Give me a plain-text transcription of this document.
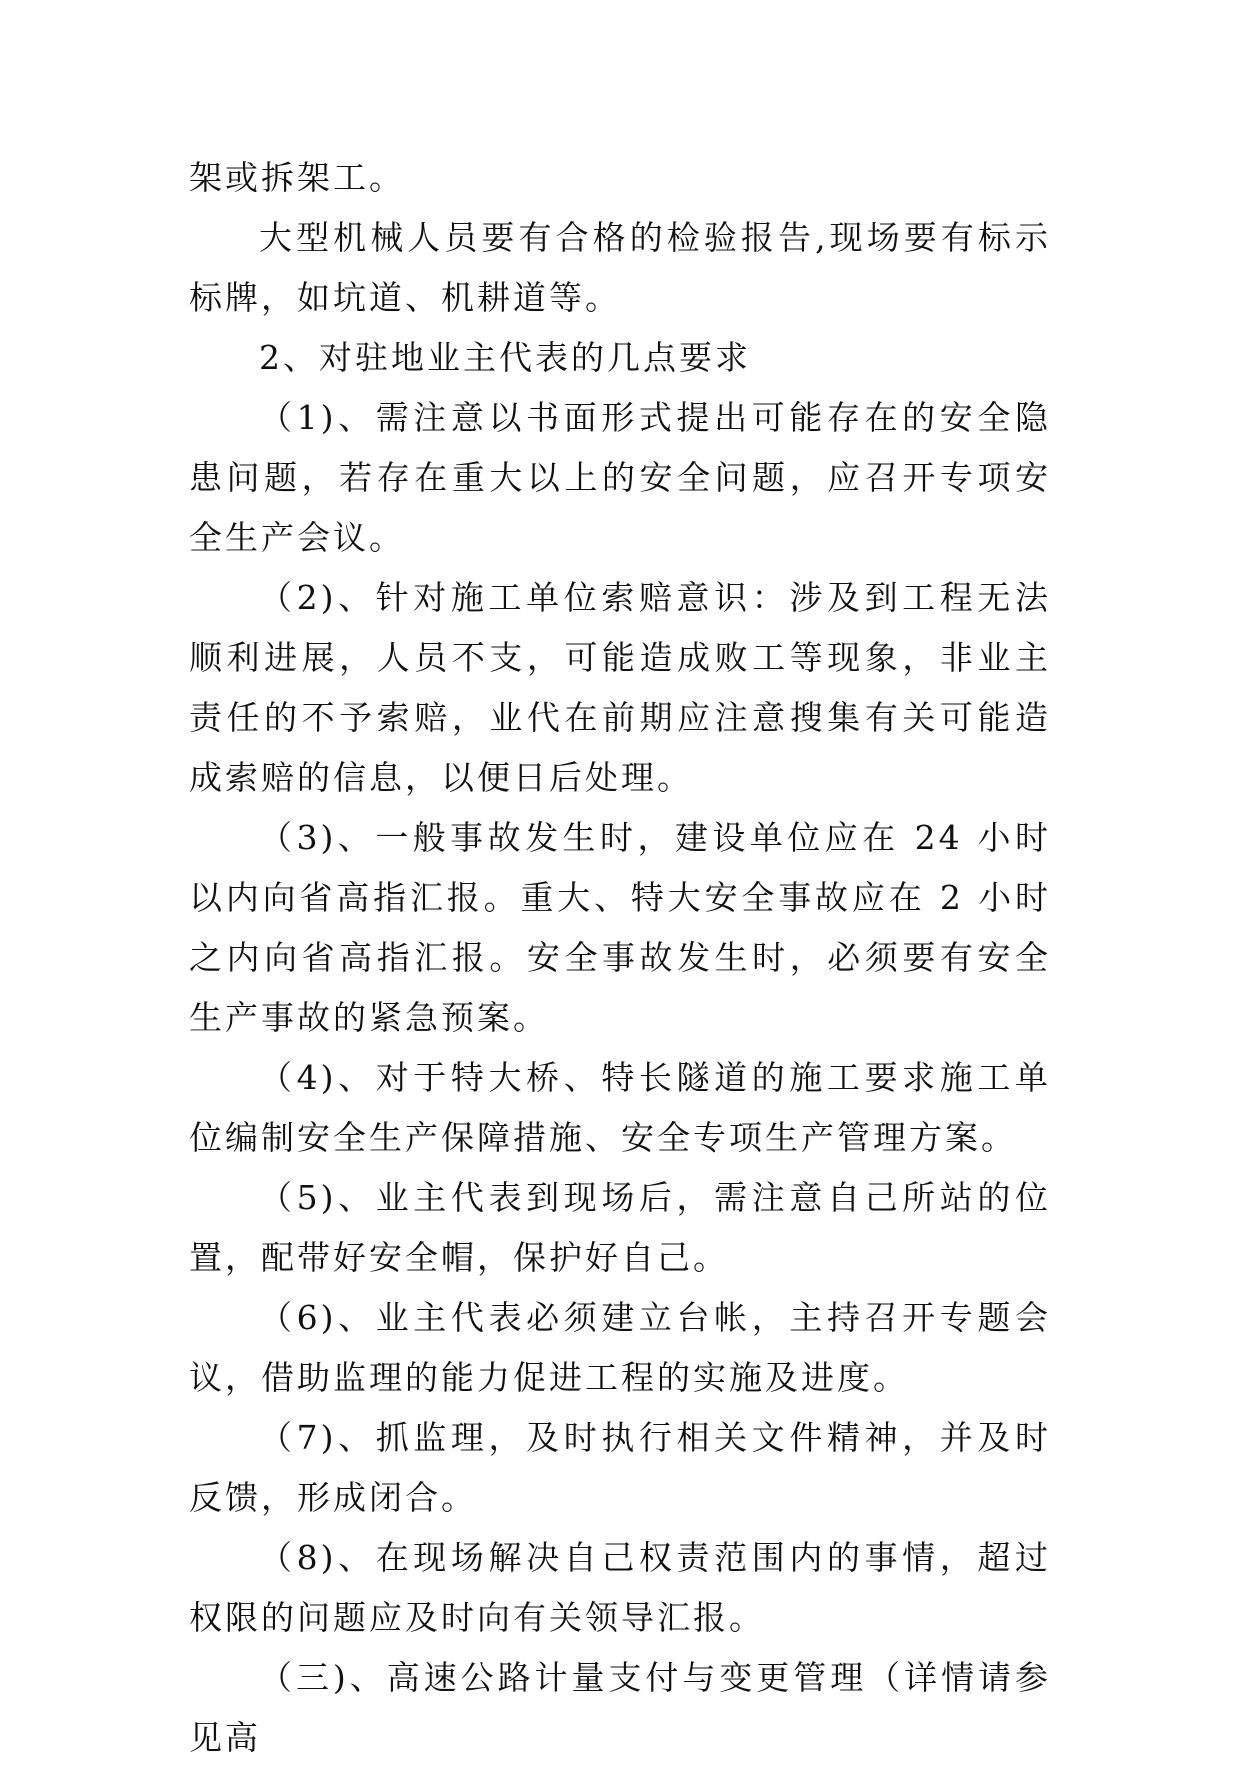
架或拆架工。

大型机械人员要有合格的检验报告,现场要有标示标牌，如坑道、机耕道等。

2、对驻地业主代表的几点要求

（1)、需注意以书面形式提出可能存在的安全隐患问题，若存在重大以上的安全问题，应召开专项安全生产会议。

（2)、针对施工单位索赔意识：涉及到工程无法顺利进展，人员不支，可能造成败工等现象，非业主责任的不予索赔，业代在前期应注意搜集有关可能造成索赔的信息，以便日后处理。

（3)、一般事故发生时，建设单位应在 24 小时以内向省高指汇报。重大、特大安全事故应在 2 小时之内向省高指汇报。安全事故发生时，必须要有安全生产事故的紧急预案。

（4)、对于特大桥、特长隧道的施工要求施工单位编制安全生产保障措施、安全专项生产管理方案。

（5)、业主代表到现场后，需注意自己所站的位置，配带好安全帽，保护好自己。

（6)、业主代表必须建立台帐，主持召开专题会议，借助监理的能力促进工程的实施及进度。

（7)、抓监理，及时执行相关文件精神，并及时反馈，形成闭合。

（8)、在现场解决自己权责范围内的事情，超过权限的问题应及时向有关领导汇报。

（三)、高速公路计量支付与变更管理（详情请参见高
